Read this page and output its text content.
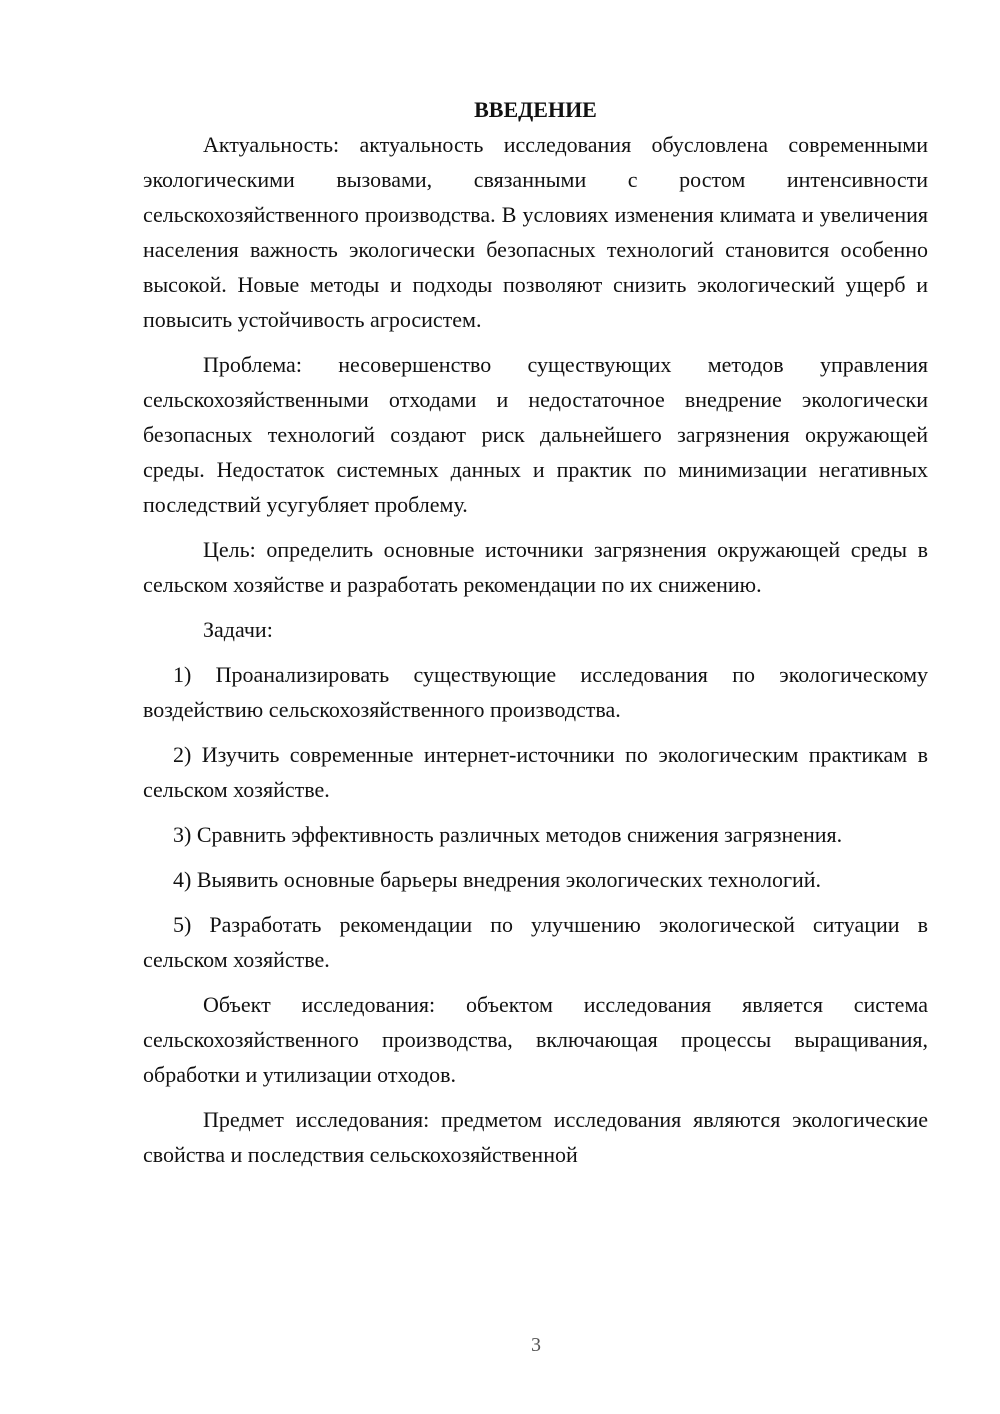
ВВЕДЕНИЕ

Актуальность: актуальность исследования обусловлена современными экологическими вызовами, связанными с ростом интенсивности сельскохозяйственного производства. В условиях изменения климата и увеличения населения важность экологически безопасных технологий становится особенно высокой. Новые методы и подходы позволяют снизить экологический ущерб и повысить устойчивость агросистем.

Проблема: несовершенство существующих методов управления сельскохозяйственными отходами и недостаточное внедрение экологически безопасных технологий создают риск дальнейшего загрязнения окружающей среды. Недостаток системных данных и практик по минимизации негативных последствий усугубляет проблему.

Цель: определить основные источники загрязнения окружающей среды в сельском хозяйстве и разработать рекомендации по их снижению.

Задачи:

1) Проанализировать существующие исследования по экологическому воздействию сельскохозяйственного производства.

2) Изучить современные интернет-источники по экологическим практикам в сельском хозяйстве.

3) Сравнить эффективность различных методов снижения загрязнения.

4) Выявить основные барьеры внедрения экологических технологий.

5) Разработать рекомендации по улучшению экологической ситуации в сельском хозяйстве.

Объект исследования: объектом исследования является система сельскохозяйственного производства, включающая процессы выращивания, обработки и утилизации отходов.

Предмет исследования: предметом исследования являются экологические свойства и последствия сельскохозяйственной

3
